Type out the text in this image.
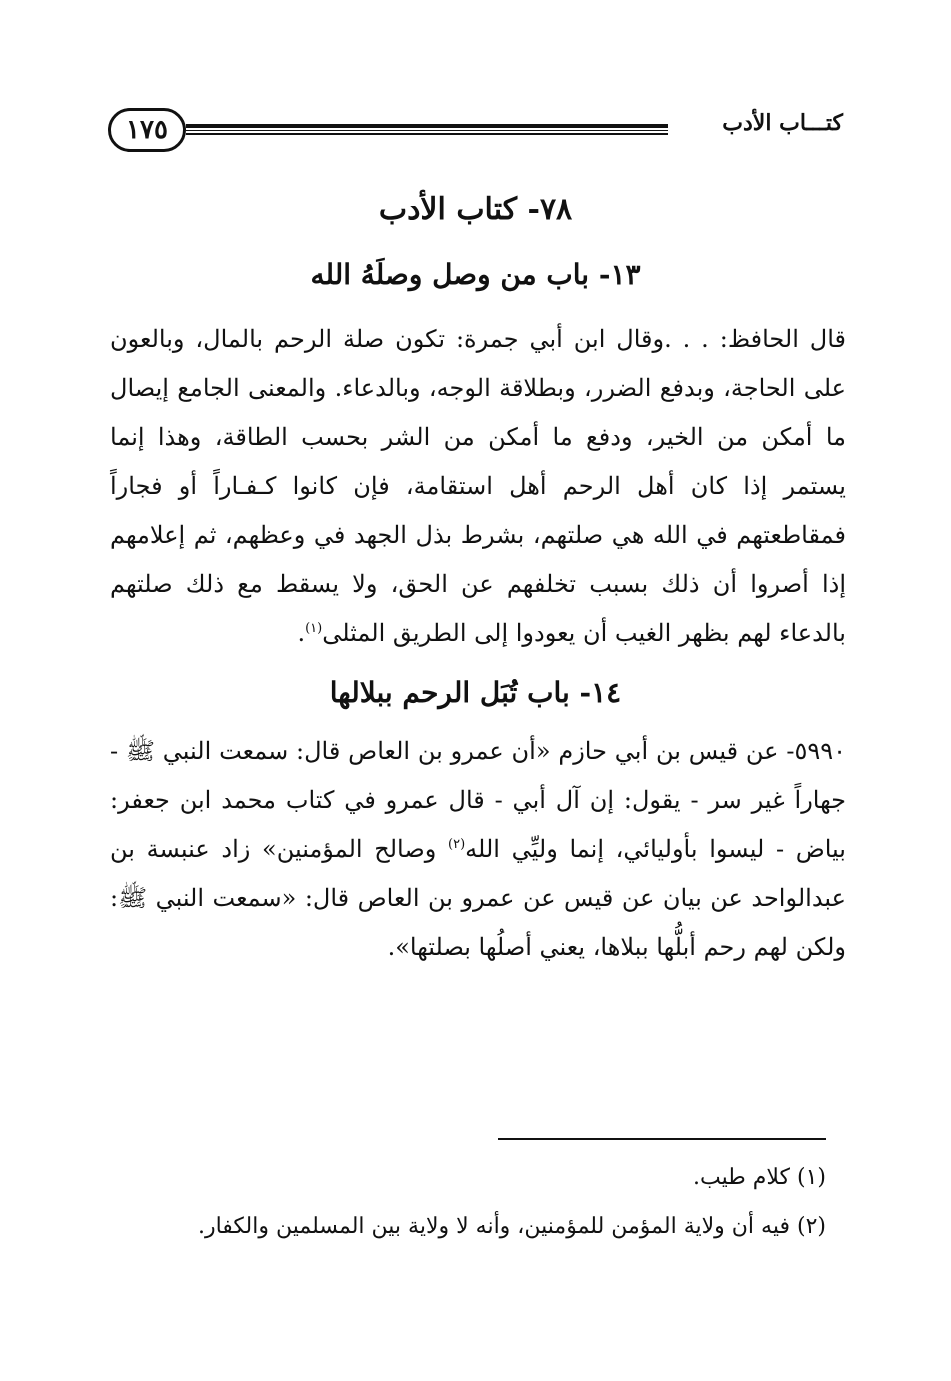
١٧٥	كتـــاب الأدب
٧٨- كتاب الأدب
١٣- باب من وصل وصلَهُ الله

قال الحافظ: . . .وقال ابن أبي جمرة: تكون صلة الرحم بالمال، وبالعون على الحاجة، وبدفع الضرر، وبطلاقة الوجه، وبالدعاء. والمعنى الجامع إيصال ما أمكن من الخير، ودفع ما أمكن من الشر بحسب الطاقة، وهذا إنما يستمر إذا كان أهل الرحم أهل استقامة، فإن كانوا كـفـاراً أو فجاراً فمقاطعتهم في الله هي صلتهم، بشرط بذل الجهد في وعظهم، ثم إعلامهم إذا أصروا أن ذلك بسبب تخلفهم عن الحق، ولا يسقط مع ذلك صلتهم بالدعاء لهم بظهر الغيب أن يعودوا إلى الطريق المثلى$^{(١)}$.

١٤- باب تُبَل الرحم ببلالها

٥٩٩٠- عن قيس بن أبي حازم «أن عمرو بن العاص قال: سمعت النبي ﷺ - جهاراً غير سر - يقول: إن آل أبي - قال عمرو في كتاب محمد ابن جعفر: بياض - ليسوا بأوليائي، إنما وليِّي الله$^{(٢)}$ وصالح المؤمنين» زاد عنبسة بن عبدالواحد عن بيان عن قيس عن عمرو بن العاص قال: «سمعت النبي ﷺ: ولكن لهم رحم أبلُّها ببلاها، يعني أصلُها بصلتها».

(١) كلام طيب.

(٢) فيه أن ولاية المؤمن للمؤمنين، وأنه لا ولاية بين المسلمين والكفار.
